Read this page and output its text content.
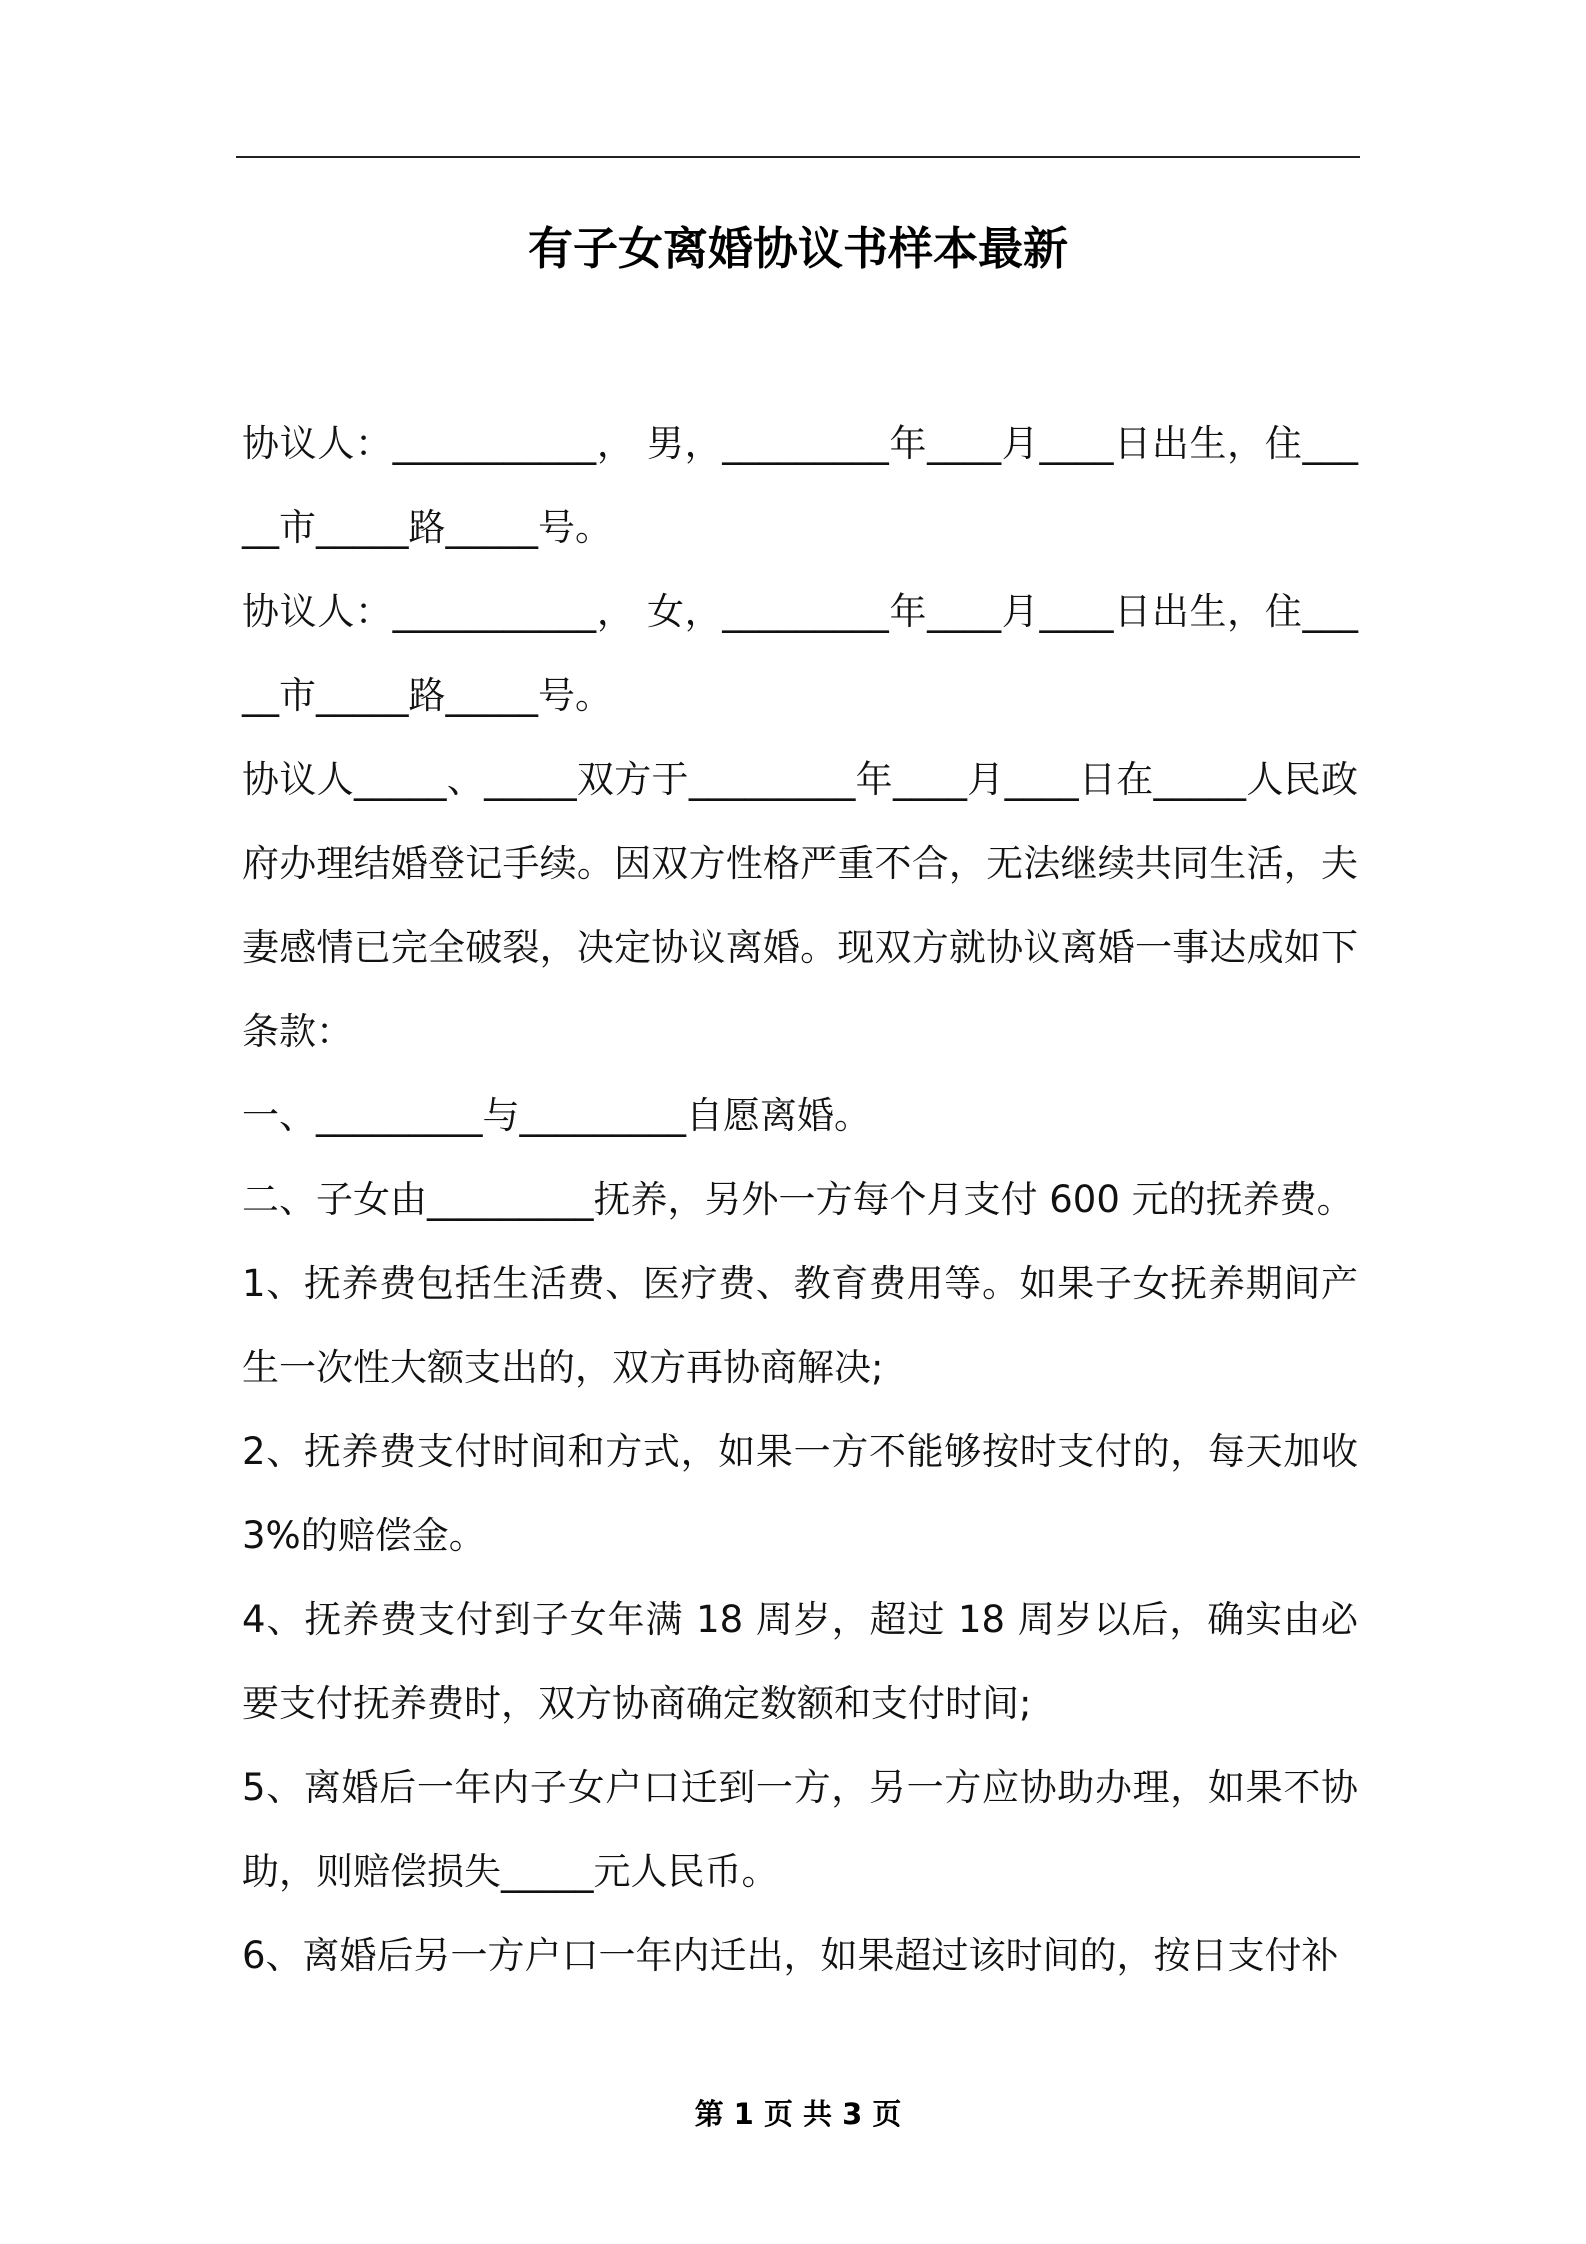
有子女离婚协议书样本最新

协议人：___________， 男，_________年____月____日出生，住_____市_____路_____号。

协议人：___________， 女，_________年____月____日出生，住_____市_____路_____号。

协议人_____、_____双方于_________年____月____日在_____人民政府办理结婚登记手续。因双方性格严重不合，无法继续共同生活，夫妻感情已完全破裂，决定协议离婚。现双方就协议离婚一事达成如下条款：

一、_________与_________自愿离婚。

二、子女由_________抚养，另外一方每个月支付 600 元的抚养费。

1、抚养费包括生活费、医疗费、教育费用等。如果子女抚养期间产生一次性大额支出的，双方再协商解决;

2、抚养费支付时间和方式，如果一方不能够按时支付的，每天加收 3%的赔偿金。

4、抚养费支付到子女年满 18 周岁，超过 18 周岁以后，确实由必要支付抚养费时，双方协商确定数额和支付时间;

5、离婚后一年内子女户口迁到一方，另一方应协助办理，如果不协助，则赔偿损失_____元人民币。

6、离婚后另一方户口一年内迁出，如果超过该时间的，按日支付补

第 1 页 共 3 页
